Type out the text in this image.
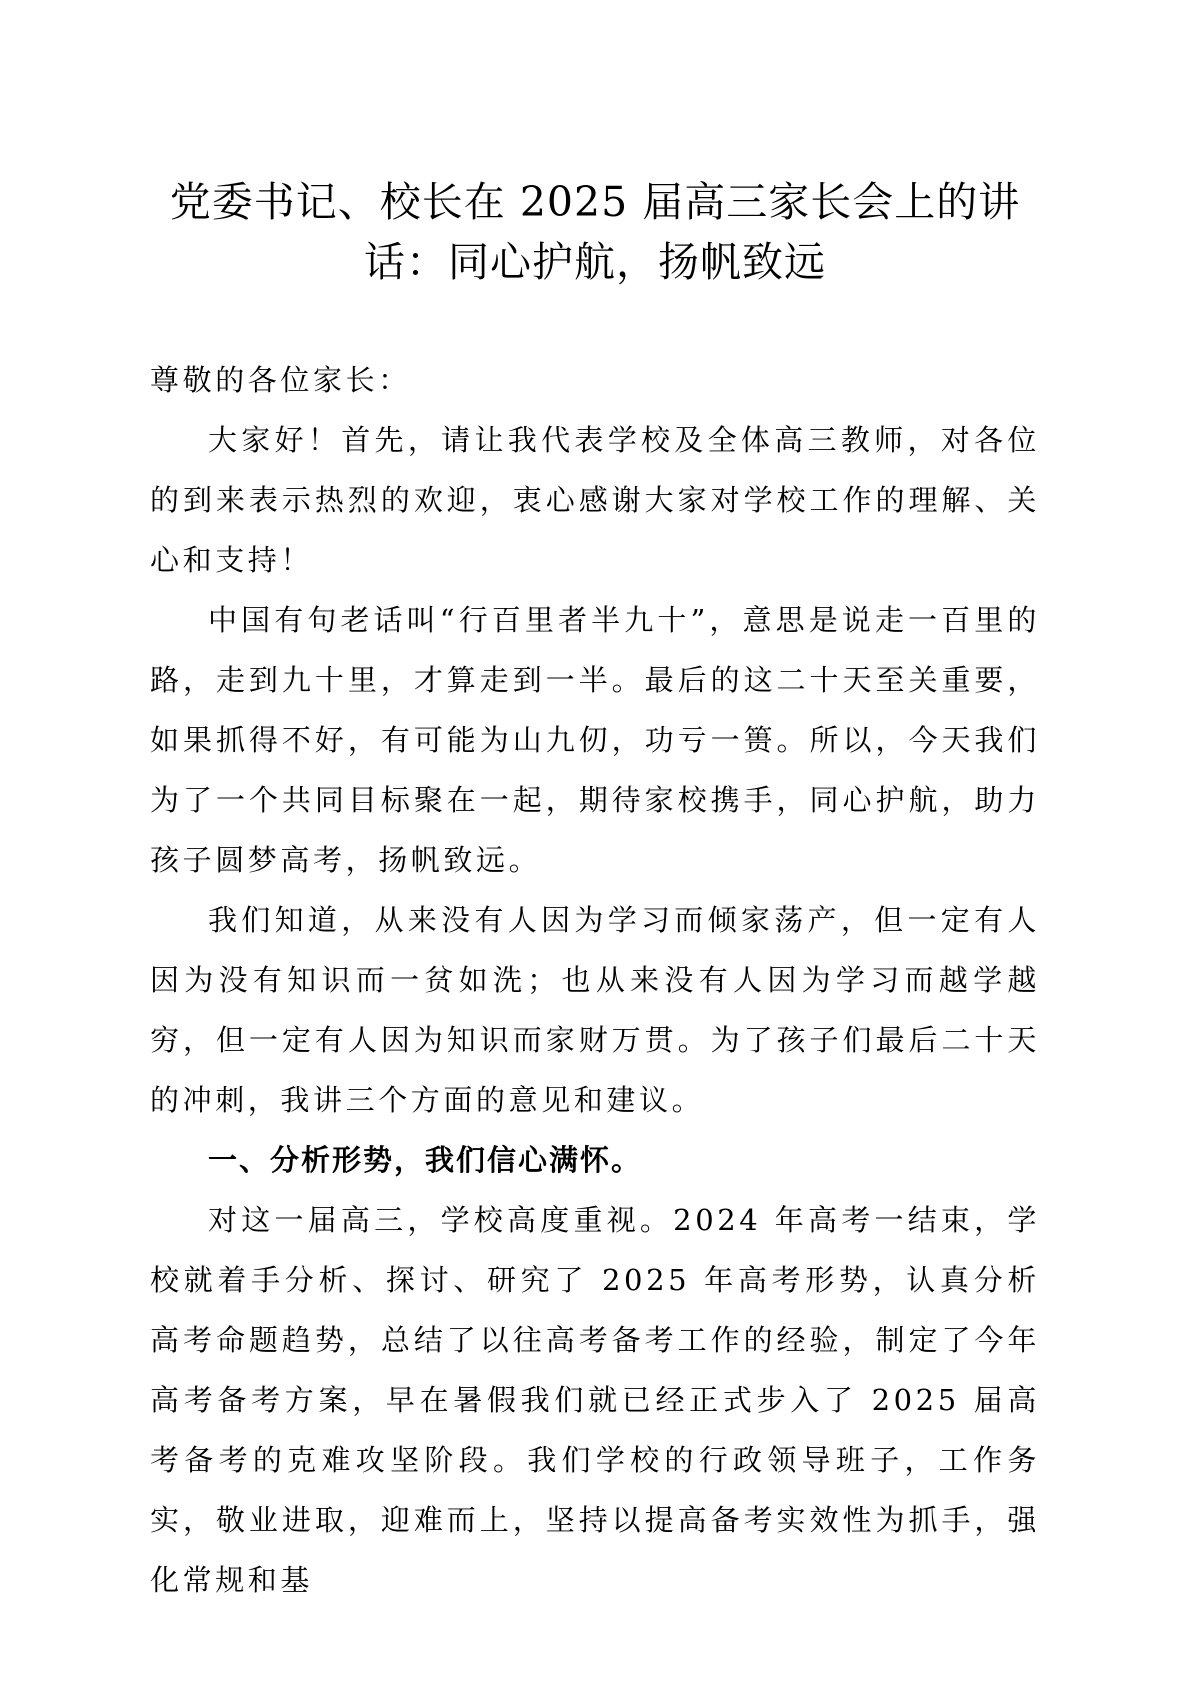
党委书记、校长在 2025 届高三家长会上的讲
话：同心护航，扬帆致远

尊敬的各位家长：

大家好！首先，请让我代表学校及全体高三教师，对各位的到来表示热烈的欢迎，衷心感谢大家对学校工作的理解、关心和支持！

中国有句老话叫“行百里者半九十”，意思是说走一百里的路，走到九十里，才算走到一半。最后的这二十天至关重要，如果抓得不好，有可能为山九仞，功亏一篑。所以，今天我们为了一个共同目标聚在一起，期待家校携手，同心护航，助力孩子圆梦高考，扬帆致远。

我们知道，从来没有人因为学习而倾家荡产，但一定有人因为没有知识而一贫如洗；也从来没有人因为学习而越学越穷，但一定有人因为知识而家财万贯。为了孩子们最后二十天的冲刺，我讲三个方面的意见和建议。

一、分析形势，我们信心满怀。

对这一届高三，学校高度重视。2024 年高考一结束，学校就着手分析、探讨、研究了 2025 年高考形势，认真分析高考命题趋势，总结了以往高考备考工作的经验，制定了今年高考备考方案，早在暑假我们就已经正式步入了 2025 届高考备考的克难攻坚阶段。我们学校的行政领导班子，工作务实，敬业进取，迎难而上，坚持以提高备考实效性为抓手，强化常规和基
